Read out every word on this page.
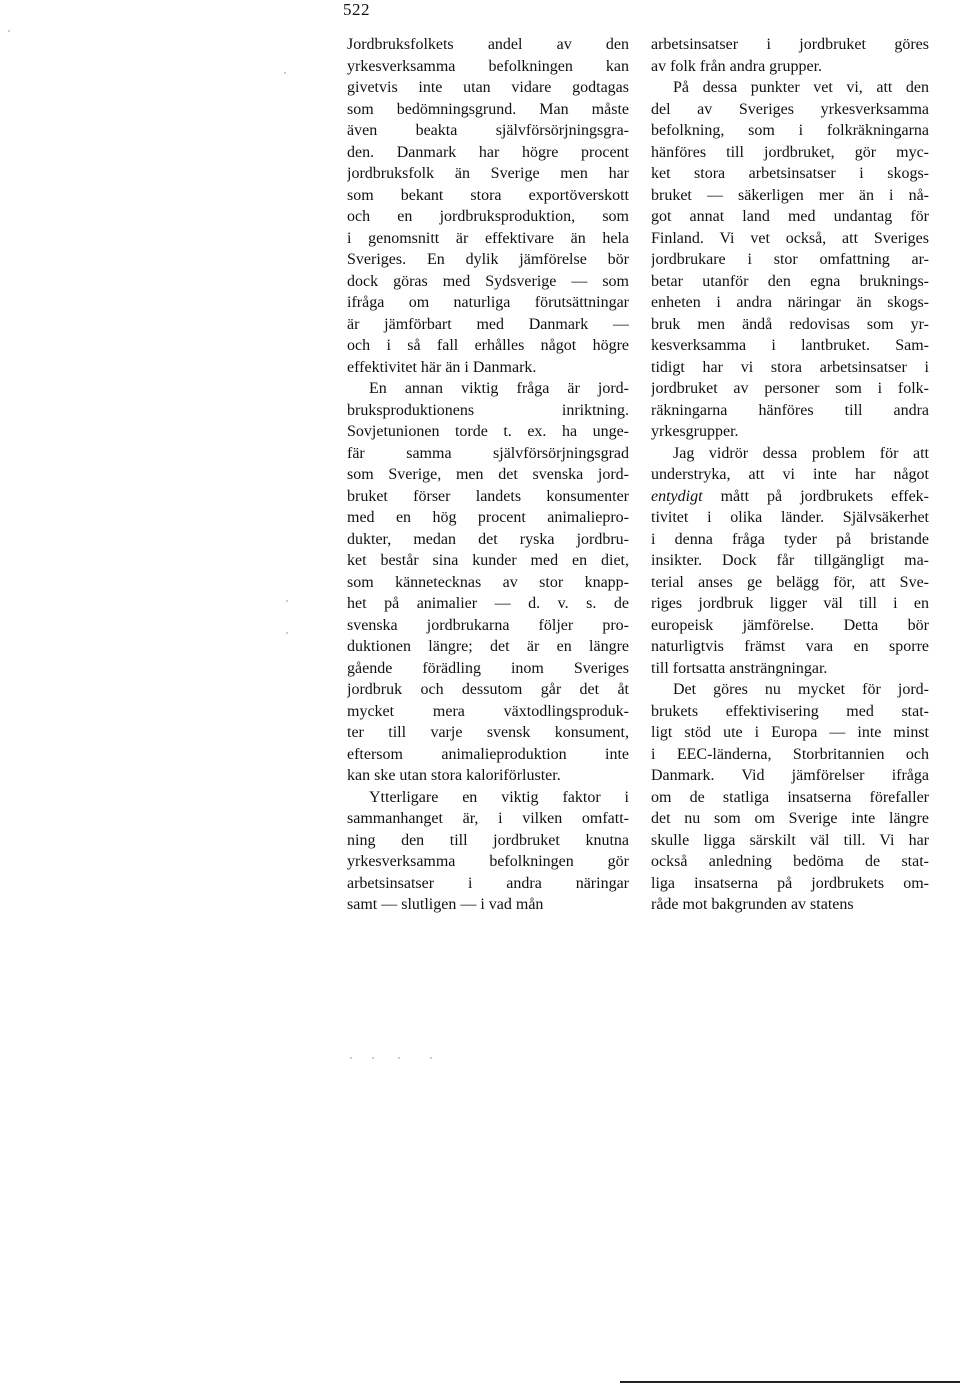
522
Jordbruksfolkets andel av den
yrkesverksamma befolkningen kan
givetvis inte utan vidare godtagas
som bedömningsgrund. Man måste
även beakta självförsörjningsgra-
den. Danmark har högre procent
jordbruksfolk än Sverige men har
som bekant stora exportöverskott
och en jordbruksproduktion, som
i genomsnitt är effektivare än hela
Sveriges. En dylik jämförelse bör
dock göras med Sydsverige — som
ifråga om naturliga förutsättningar
är jämförbart med Danmark —
och i så fall erhålles något högre
effektivitet här än i Danmark.
En annan viktig fråga är jord-
bruksproduktionens inriktning.
Sovjetunionen torde t. ex. ha unge-
fär samma självförsörjningsgrad
som Sverige, men det svenska jord-
bruket förser landets konsumenter
med en hög procent animaliepro-
dukter, medan det ryska jordbru-
ket består sina kunder med en diet,
som kännetecknas av stor knapp-
het på animalier — d. v. s. de
svenska jordbrukarna följer pro-
duktionen längre; det är en längre
gående förädling inom Sveriges
jordbruk och dessutom går det åt
mycket mera växtodlingsproduk-
ter till varje svensk konsument,
eftersom animalieproduktion inte
kan ske utan stora kaloriförluster.
Ytterligare en viktig faktor i
sammanhanget är, i vilken omfatt-
ning den till jordbruket knutna
yrkesverksamma befolkningen gör
arbetsinsatser i andra näringar
samt — slutligen — i vad mån
arbetsinsatser i jordbruket göres
av folk från andra grupper.
På dessa punkter vet vi, att den
del av Sveriges yrkesverksamma
befolkning, som i folkräkningarna
hänföres till jordbruket, gör myc-
ket stora arbetsinsatser i skogs-
bruket — säkerligen mer än i nå-
got annat land med undantag för
Finland. Vi vet också, att Sveriges
jordbrukare i stor omfattning ar-
betar utanför den egna bruknings-
enheten i andra näringar än skogs-
bruk men ändå redovisas som yr-
kesverksamma i lantbruket. Sam-
tidigt har vi stora arbetsinsatser i
jordbruket av personer som i folk-
räkningarna hänföres till andra
yrkesgrupper.
Jag vidrör dessa problem för att
understryka, att vi inte har något
entydigt mått på jordbrukets effek-
tivitet i olika länder. Självsäkerhet
i denna fråga tyder på bristande
insikter. Dock får tillgängligt ma-
terial anses ge belägg för, att Sve-
riges jordbruk ligger väl till i en
europeisk jämförelse. Detta bör
naturligtvis främst vara en sporre
till fortsatta ansträngningar.
Det göres nu mycket för jord-
brukets effektivisering med stat-
ligt stöd ute i Europa — inte minst
i EEC-länderna, Storbritannien och
Danmark. Vid jämförelser ifråga
om de statliga insatserna förefaller
det nu som om Sverige inte längre
skulle ligga särskilt väl till. Vi har
också anledning bedöma de stat-
liga insatserna på jordbrukets om-
råde mot bakgrunden av statens
